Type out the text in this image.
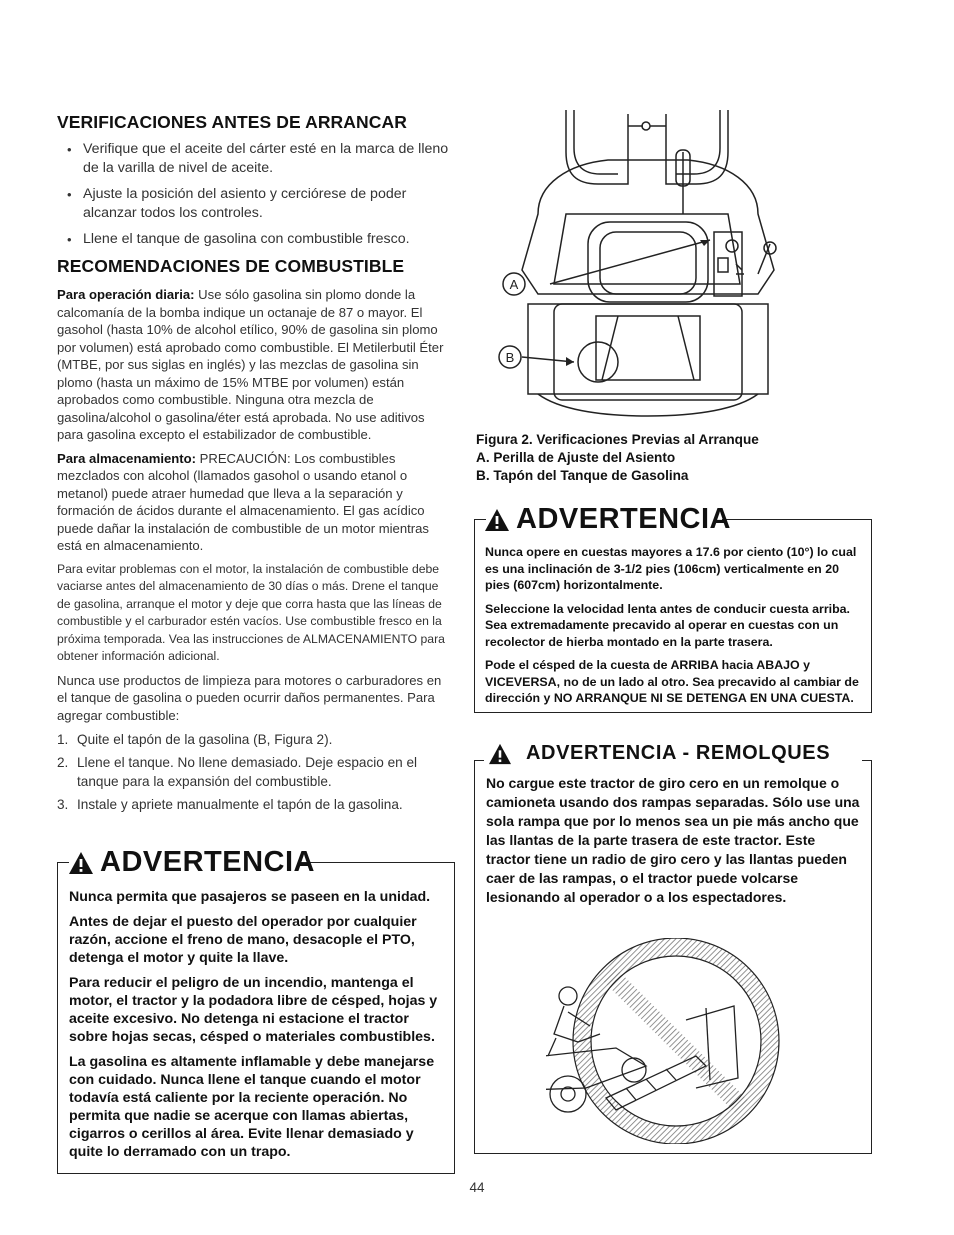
VERIFICACIONES ANTES DE ARRANCAR
• Verifique que el aceite del cárter esté en la marca de lleno de la varilla de nivel de aceite.
• Ajuste la posición del asiento y cerciórese de poder alcanzar todos los controles.
• Llene el tanque de gasolina con combustible fresco.
RECOMENDACIONES DE COMBUSTIBLE

Para operación diaria: Use sólo gasolina sin plomo donde la calcomanía de la bomba indique un octanaje de 87 o mayor. El gasohol (hasta 10% de alcohol etílico, 90% de gasolina sin plomo por volumen) está aprobado como combustible. El Metilerbutil Éter (MTBE, por sus siglas en inglés) y las mezclas de gasolina sin plomo (hasta un máximo de 15% MTBE por volumen) están aprobados como combustible. Ninguna otra mezcla de gasolina/alcohol o gasolina/éter está aprobada. No use aditivos para gasolina excepto el estabilizador de combustible.

Para almacenamiento: PRECAUCIÓN: Los combustibles mezclados con alcohol (llamados gasohol o usando etanol o metanol) puede atraer humedad que lleva a la separación y formación de ácidos durante el almacenamiento. El gas acídico puede dañar la instalación de combustible de un motor mientras está en almacenamiento.

Para evitar problemas con el motor, la instalación de combustible debe vaciarse antes del almacenamiento de 30 días o más. Drene el tanque de gasolina, arranque el motor y deje que corra hasta que las líneas de combustible y el carburador estén vacíos. Use combustible fresco en la próxima temporada. Vea las instrucciones de ALMACENAMIENTO para obtener información adicional.

Nunca use productos de limpieza para motores o carburadores en el tanque de gasolina o pueden ocurrir daños permanentes. Para agregar combustible:

1. Quite el tapón de la gasolina (B, Figura 2).
2. Llene el tanque. No llene demasiado. Deje espacio en el tanque para la expansión del combustible.
3. Instale y apriete manualmente el tapón de la gasolina.
ADVERTENCIA

Nunca permita que pasajeros se paseen en la unidad.

Antes de dejar el puesto del operador por cualquier razón, accione el freno de mano, desacople el PTO, detenga el motor y quite la llave.

Para reducir el peligro de un incendio, mantenga el motor, el tractor y la podadora libre de césped, hojas y aceite excesivo. No detenga ni estacione el tractor sobre hojas secas, césped o materiales combustibles.

La gasolina es altamente inflamable y debe manejarse con cuidado. Nunca llene el tanque cuando el motor todavía está caliente por la reciente operación. No permita que nadie se acerque con llamas abiertas, cigarros o cerillos al área. Evite llenar demasiado y quite lo derramado con un trapo.

A
B
Figura 2. Verificaciones Previas al Arranque
A. Perilla de Ajuste del Asiento
B. Tapón del Tanque de Gasolina
ADVERTENCIA

Nunca opere en cuestas mayores a 17.6 por ciento (10°) lo cual es una inclinación de 3-1/2 pies (106cm) verticalmente en 20 pies (607cm) horizontalmente.

Seleccione la velocidad lenta antes de conducir cuesta arriba. Sea extremadamente precavido al operar en cuestas con un recolector de hierba montado en la parte trasera.

Pode el césped de la cuesta de ARRIBA hacia ABAJO y VICEVERSA, no de un lado al otro. Sea precavido al cambiar de dirección y NO ARRANQUE NI SE DETENGA EN UNA CUESTA.

ADVERTENCIA - REMOLQUES

No cargue este tractor de giro cero en un remolque o camioneta usando dos rampas separadas. Sólo use una sola rampa que por lo menos sea un pie más ancho que las llantas de la parte trasera de este tractor. Este tractor tiene un radio de giro cero y las llantas pueden caer de las rampas, o el tractor puede volcarse lesionando al operador o a los espectadores.

44
